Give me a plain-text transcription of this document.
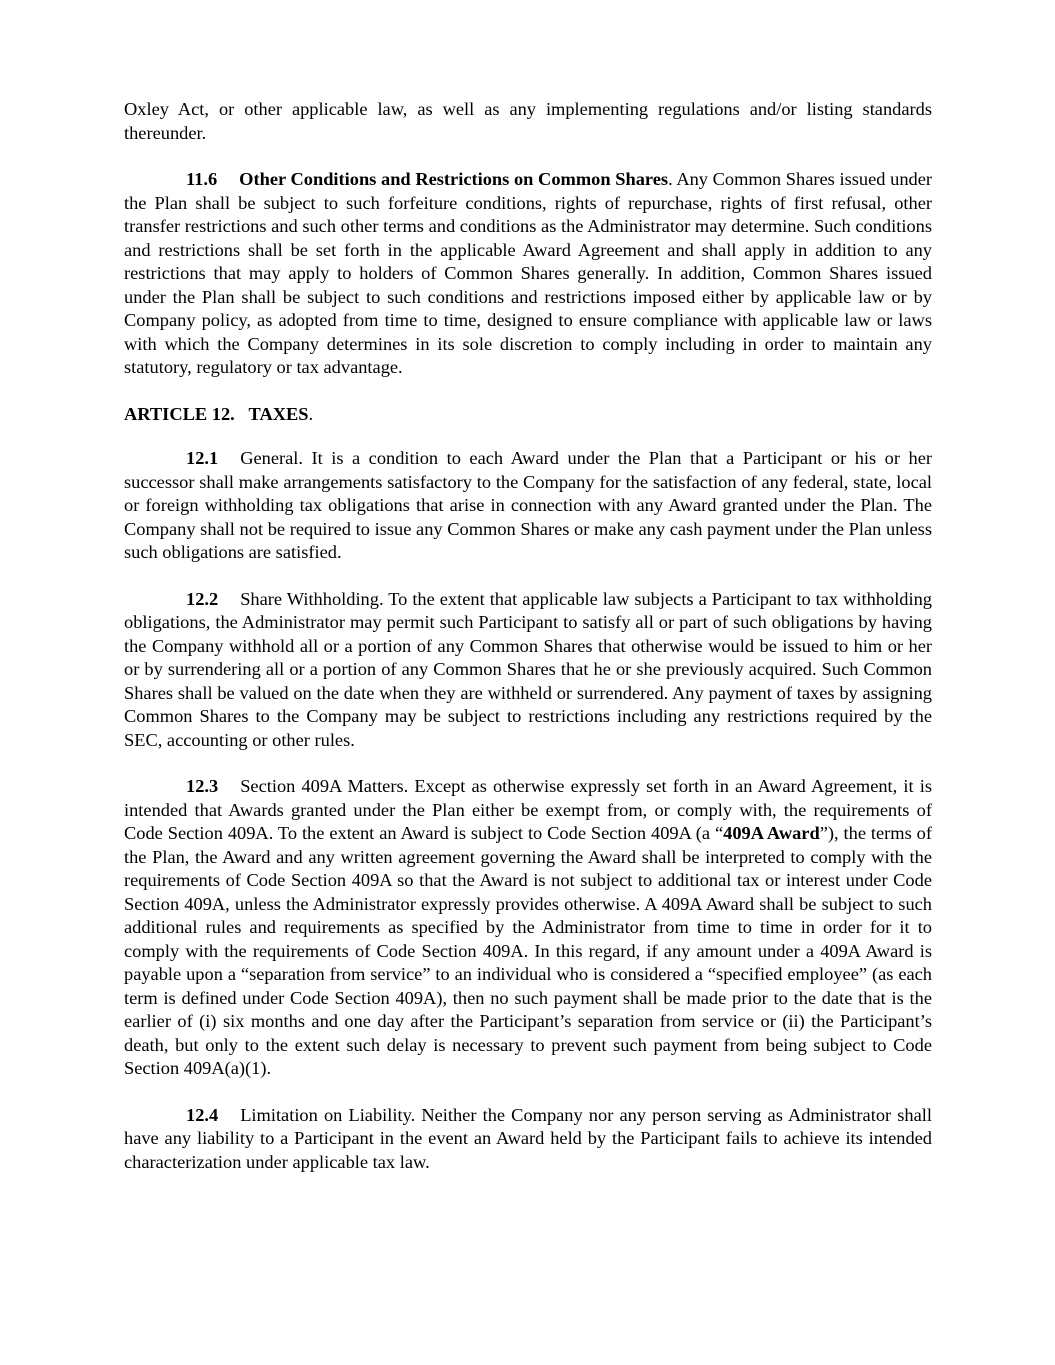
Oxley Act, or other applicable law, as well as any implementing regulations and/or listing standards thereunder.

11.6 Other Conditions and Restrictions on Common Shares. Any Common Shares issued under the Plan shall be subject to such forfeiture conditions, rights of repurchase, rights of first refusal, other transfer restrictions and such other terms and conditions as the Administrator may determine. Such conditions and restrictions shall be set forth in the applicable Award Agreement and shall apply in addition to any restrictions that may apply to holders of Common Shares generally. In addition, Common Shares issued under the Plan shall be subject to such conditions and restrictions imposed either by applicable law or by Company policy, as adopted from time to time, designed to ensure compliance with applicable law or laws with which the Company determines in its sole discretion to comply including in order to maintain any statutory, regulatory or tax advantage.

ARTICLE 12. TAXES.

12.1 General. It is a condition to each Award under the Plan that a Participant or his or her successor shall make arrangements satisfactory to the Company for the satisfaction of any federal, state, local or foreign withholding tax obligations that arise in connection with any Award granted under the Plan. The Company shall not be required to issue any Common Shares or make any cash payment under the Plan unless such obligations are satisfied.

12.2 Share Withholding. To the extent that applicable law subjects a Participant to tax withholding obligations, the Administrator may permit such Participant to satisfy all or part of such obligations by having the Company withhold all or a portion of any Common Shares that otherwise would be issued to him or her or by surrendering all or a portion of any Common Shares that he or she previously acquired. Such Common Shares shall be valued on the date when they are withheld or surrendered. Any payment of taxes by assigning Common Shares to the Company may be subject to restrictions including any restrictions required by the SEC, accounting or other rules.

12.3 Section 409A Matters. Except as otherwise expressly set forth in an Award Agreement, it is intended that Awards granted under the Plan either be exempt from, or comply with, the requirements of Code Section 409A. To the extent an Award is subject to Code Section 409A (a “409A Award”), the terms of the Plan, the Award and any written agreement governing the Award shall be interpreted to comply with the requirements of Code Section 409A so that the Award is not subject to additional tax or interest under Code Section 409A, unless the Administrator expressly provides otherwise. A 409A Award shall be subject to such additional rules and requirements as specified by the Administrator from time to time in order for it to comply with the requirements of Code Section 409A. In this regard, if any amount under a 409A Award is payable upon a “separation from service” to an individual who is considered a “specified employee” (as each term is defined under Code Section 409A), then no such payment shall be made prior to the date that is the earlier of (i) six months and one day after the Participant’s separation from service or (ii) the Participant’s death, but only to the extent such delay is necessary to prevent such payment from being subject to Code Section 409A(a)(1).

12.4 Limitation on Liability. Neither the Company nor any person serving as Administrator shall have any liability to a Participant in the event an Award held by the Participant fails to achieve its intended characterization under applicable tax law.
